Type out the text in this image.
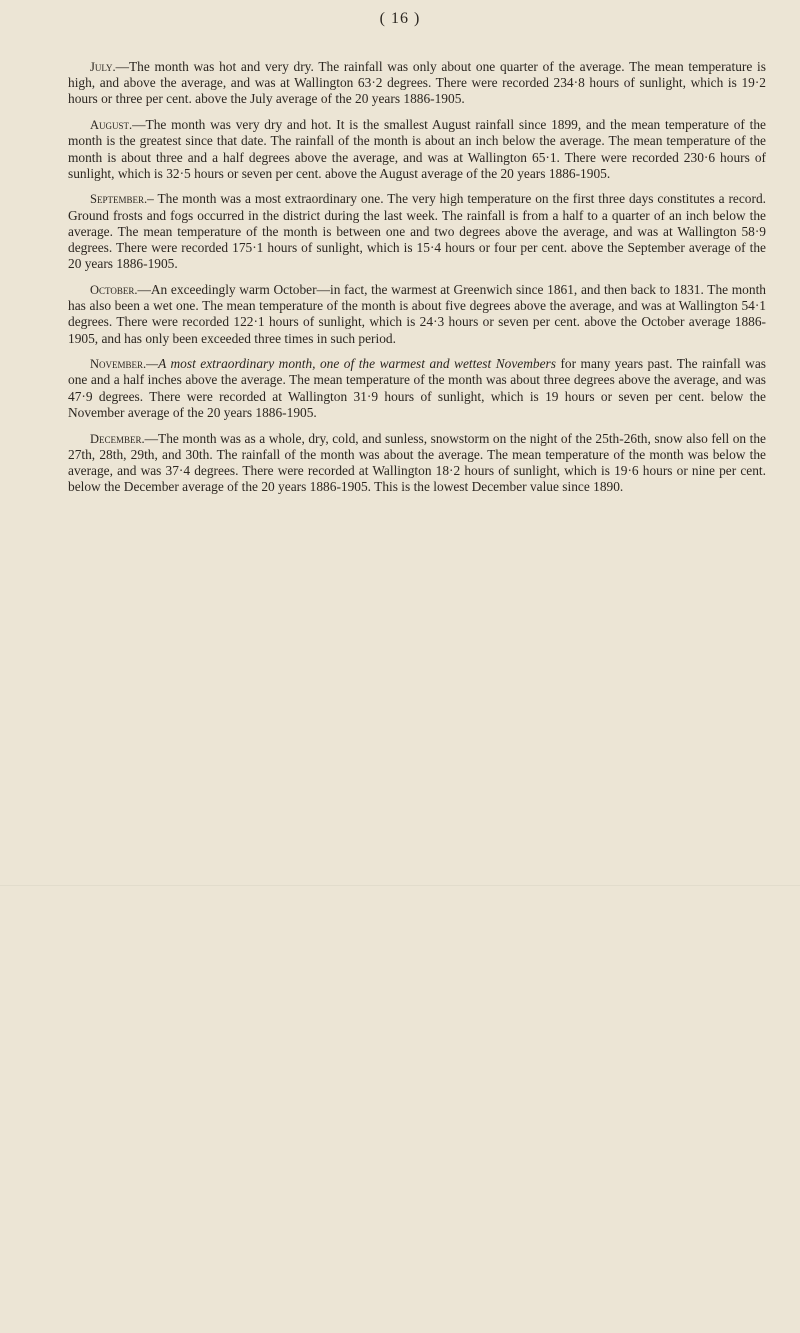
( 16 )

July.—The month was hot and very dry. The rainfall was only about one quarter of the average. The mean temperature is high, and above the average, and was at Wallington 63·2 degrees. There were recorded 234·8 hours of sunlight, which is 19·2 hours or three per cent. above the July average of the 20 years 1886-1905.

August.—The month was very dry and hot. It is the smallest August rainfall since 1899, and the mean temperature of the month is the greatest since that date. The rainfall of the month is about an inch below the average. The mean temperature of the month is about three and a half degrees above the average, and was at Wallington 65·1. There were recorded 230·6 hours of sunlight, which is 32·5 hours or seven per cent. above the August average of the 20 years 1886-1905.

September.– The month was a most extraordinary one. The very high temperature on the first three days constitutes a record. Ground frosts and fogs occurred in the district during the last week. The rainfall is from a half to a quarter of an inch below the average. The mean temperature of the month is between one and two degrees above the average, and was at Wallington 58·9 degrees. There were recorded 175·1 hours of sunlight, which is 15·4 hours or four per cent. above the September average of the 20 years 1886-1905.

October.—An exceedingly warm October—in fact, the warmest at Greenwich since 1861, and then back to 1831. The month has also been a wet one. The mean temperature of the month is about five degrees above the average, and was at Wallington 54·1 degrees. There were recorded 122·1 hours of sunlight, which is 24·3 hours or seven per cent. above the October average 1886-1905, and has only been exceeded three times in such period.

November.—A most extraordinary month, one of the warmest and wettest Novembers for many years past. The rainfall was one and a half inches above the average. The mean temperature of the month was about three degrees above the average, and was 47·9 degrees. There were recorded at Wallington 31·9 hours of sunlight, which is 19 hours or seven per cent. below the November average of the 20 years 1886-1905.

December.—The month was as a whole, dry, cold, and sunless, snowstorm on the night of the 25th-26th, snow also fell on the 27th, 28th, 29th, and 30th. The rainfall of the month was about the average. The mean temperature of the month was below the average, and was 37·4 degrees. There were recorded at Wallington 18·2 hours of sunlight, which is 19·6 hours or nine per cent. below the December average of the 20 years 1886-1905. This is the lowest December value since 1890.
